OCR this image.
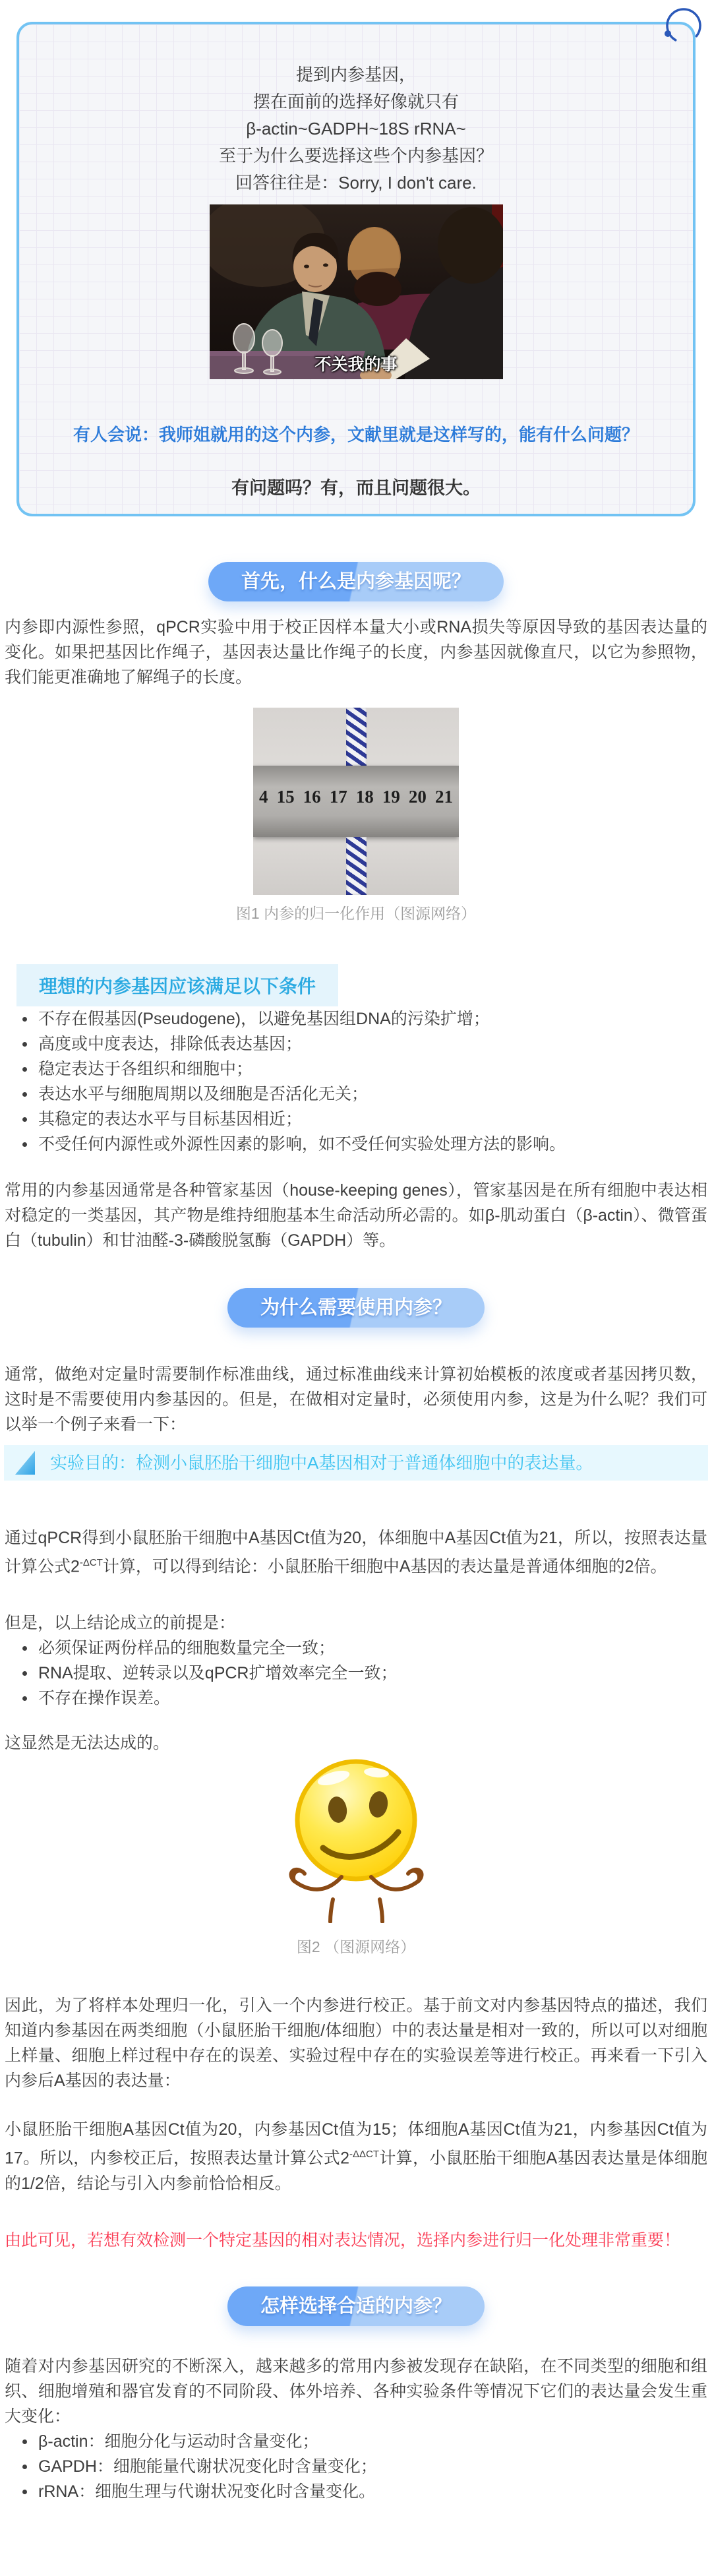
提到内参基因，

摆在面前的选择好像就只有

β-actin~GADPH~18S rRNA~

至于为什么要选择这些个内参基因？

回答往往是：Sorry, I don't care.

不关我的事

有人会说：我师姐就用的这个内参，文献里就是这样写的，能有什么问题？

有问题吗？有，而且问题很大。

首先，什么是内参基因呢？

内参即内源性参照，qPCR实验中用于校正因样本量大小或RNA损失等原因导致的基因表达量的变化。如果把基因比作绳子，基因表达量比作绳子的长度，内参基因就像直尺，以它为参照物，我们能更准确地了解绳子的长度。

4 15 16 17 18 19 20 21

图1 内参的归一化作用（图源网络）

理想的内参基因应该满足以下条件
不存在假基因(Pseudogene)，以避免基因组DNA的污染扩增；
高度或中度表达，排除低表达基因；
稳定表达于各组织和细胞中；
表达水平与细胞周期以及细胞是否活化无关；
其稳定的表达水平与目标基因相近；
不受任何内源性或外源性因素的影响，如不受任何实验处理方法的影响。

常用的内参基因通常是各种管家基因（house-keeping genes），管家基因是在所有细胞中表达相对稳定的一类基因，其产物是维持细胞基本生命活动所必需的。如β-肌动蛋白（β-actin）、微管蛋白（tubulin）和甘油醛-3-磷酸脱氢酶（GAPDH）等。

为什么需要使用内参？

通常，做绝对定量时需要制作标准曲线，通过标准曲线来计算初始模板的浓度或者基因拷贝数，这时是不需要使用内参基因的。但是，在做相对定量时，必须使用内参，这是为什么呢？我们可以举一个例子来看一下：

实验目的：检测小鼠胚胎干细胞中A基因相对于普通体细胞中的表达量。

通过qPCR得到小鼠胚胎干细胞中A基因Ct值为20，体细胞中A基因Ct值为21，所以，按照表达量计算公式$2^{-\Delta CT}$计算，可以得到结论：小鼠胚胎干细胞中A基因的表达量是普通体细胞的2倍。

但是，以上结论成立的前提是：

必须保证两份样品的细胞数量完全一致；
RNA提取、逆转录以及qPCR扩增效率完全一致；
不存在操作误差。

这显然是无法达成的。

图2 （图源网络）

因此，为了将样本处理归一化，引入一个内参进行校正。基于前文对内参基因特点的描述，我们知道内参基因在两类细胞（小鼠胚胎干细胞/体细胞）中的表达量是相对一致的，所以可以对细胞上样量、细胞上样过程中存在的误差、实验过程中存在的实验误差等进行校正。再来看一下引入内参后A基因的表达量：

小鼠胚胎干细胞A基因Ct值为20，内参基因Ct值为15；体细胞A基因Ct值为21，内参基因Ct值为17。所以，内参校正后，按照表达量计算公式$2^{-\Delta\Delta CT}$计算，小鼠胚胎干细胞A基因表达量是体细胞的1/2倍，结论与引入内参前恰恰相反。

由此可见，若想有效检测一个特定基因的相对表达情况，选择内参进行归一化处理非常重要！

怎样选择合适的内参？

随着对内参基因研究的不断深入，越来越多的常用内参被发现存在缺陷，在不同类型的细胞和组织、细胞增殖和器官发育的不同阶段、体外培养、各种实验条件等情况下它们的表达量会发生重大变化：

β-actin：细胞分化与运动时含量变化；
GAPDH：细胞能量代谢状况变化时含量变化；
rRNA：细胞生理与代谢状况变化时含量变化。
